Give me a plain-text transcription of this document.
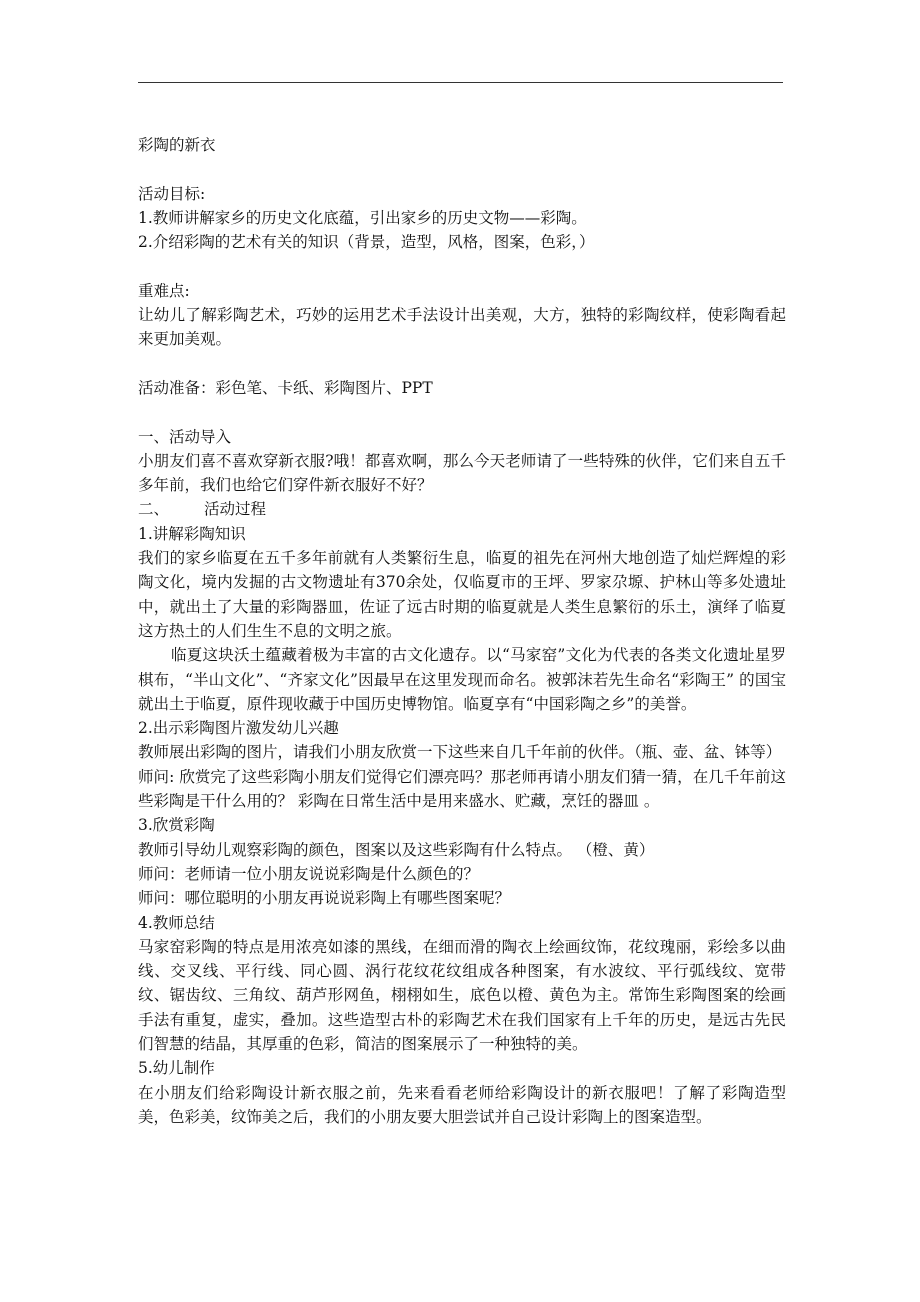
彩陶的新衣

活动目标:

1.教师讲解家乡的历史文化底蕴，引出家乡的历史文物——彩陶。

2.介绍彩陶的艺术有关的知识（背景，造型，风格，图案，色彩，）

重难点:

让幼儿了解彩陶艺术，巧妙的运用艺术手法设计出美观，大方，独特的彩陶纹样，使彩陶看起来更加美观。

活动准备：彩色笔、卡纸、彩陶图片、PPT

一、活动导入

小朋友们喜不喜欢穿新衣服?哦！都喜欢啊，那么今天老师请了一些特殊的伙伴，它们来自五千多年前，我们也给它们穿件新衣服好不好？

二、 活动过程

1.讲解彩陶知识

我们的家乡临夏在五千多年前就有人类繁衍生息，临夏的祖先在河州大地创造了灿烂辉煌的彩陶文化，境内发掘的古文物遗址有370余处，仅临夏市的王坪、罗家尕塬、护林山等多处遗址中，就出土了大量的彩陶器皿，佐证了远古时期的临夏就是人类生息繁衍的乐土，演绎了临夏这方热土的人们生生不息的文明之旅。

临夏这块沃土蕴藏着极为丰富的古文化遗存。以“马家窑”文化为代表的各类文化遗址星罗棋布，“半山文化”、“齐家文化”因最早在这里发现而命名。被郭沫若先生命名“彩陶王” 的国宝就出土于临夏，原件现收藏于中国历史博物馆。临夏享有“中国彩陶之乡”的美誉。

2.出示彩陶图片激发幼儿兴趣

教师展出彩陶的图片，请我们小朋友欣赏一下这些来自几千年前的伙伴。（瓶、壶、盆、钵等）

师问: 欣赏完了这些彩陶小朋友们觉得它们漂亮吗？那老师再请小朋友们猜一猜，在几千年前这些彩陶是干什么用的？ 彩陶在日常生活中是用来盛水、贮藏，烹饪的器皿 。

3.欣赏彩陶

教师引导幼儿观察彩陶的颜色，图案以及这些彩陶有什么特点。 （橙、黄）

师问：老师请一位小朋友说说彩陶是什么颜色的？

师问：哪位聪明的小朋友再说说彩陶上有哪些图案呢？

4.教师总结

马家窑彩陶的特点是用浓亮如漆的黑线，在细而滑的陶衣上绘画纹饰，花纹瑰丽，彩绘多以曲线、交叉线、平行线、同心圆、涡行花纹花纹组成各种图案，有水波纹、平行弧线纹、宽带纹、锯齿纹、三角纹、葫芦形网鱼，栩栩如生，底色以橙、黄色为主。常饰生彩陶图案的绘画手法有重复，虚实，叠加。这些造型古朴的彩陶艺术在我们国家有上千年的历史，是远古先民们智慧的结晶，其厚重的色彩，简洁的图案展示了一种独特的美。

5.幼儿制作

在小朋友们给彩陶设计新衣服之前，先来看看老师给彩陶设计的新衣服吧！了解了彩陶造型美，色彩美，纹饰美之后，我们的小朋友要大胆尝试并自己设计彩陶上的图案造型。
